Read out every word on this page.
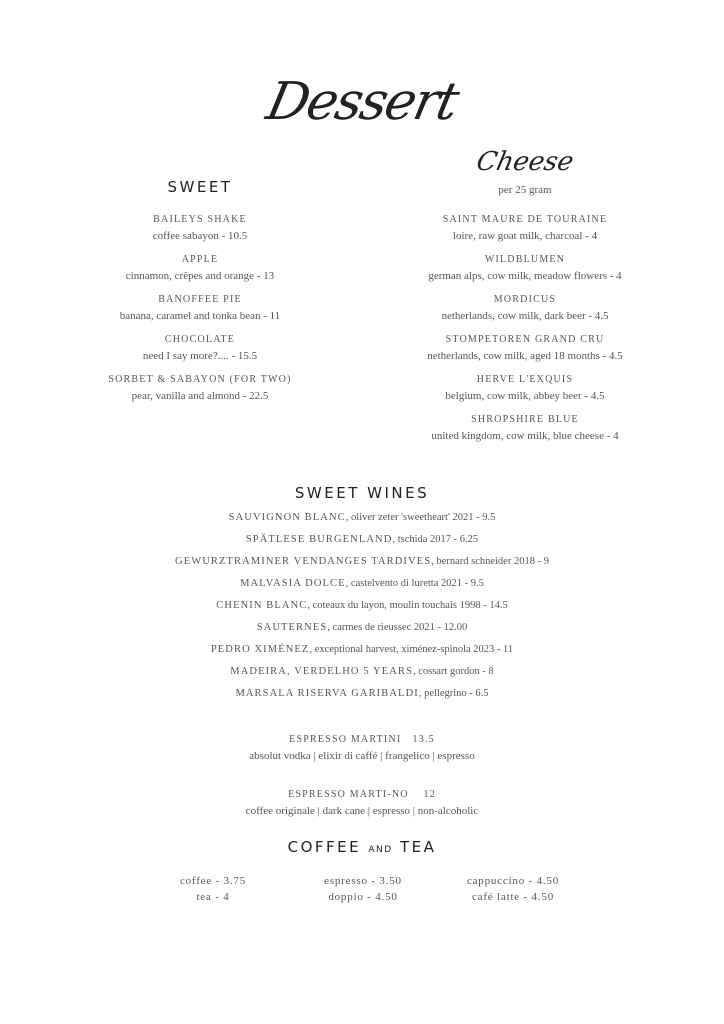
Dessert
SWEET
BAILEYS SHAKE
coffee sabayon - 10.5
APPLE
cinnamon, crêpes and orange - 13
BANOFFEE PIE
banana, caramel and tonka bean - 11
CHOCOLATE
need I say more?.... - 15.5
SORBET & SABAYON (FOR TWO)
pear, vanilla and almond - 22.5
Cheese
per 25 gram
SAINT MAURE DE TOURAINE
loire, raw goat milk, charcoal - 4
WILDBLUMEN
german alps, cow milk, meadow flowers - 4
MORDICUS
netherlands, cow milk, dark beer - 4.5
STOMPETOREN GRAND CRU
netherlands, cow milk, aged 18 months - 4.5
HERVE L'EXQUIS
belgium, cow milk, abbey beer - 4.5
SHROPSHIRE BLUE
united kingdom, cow milk, blue cheese - 4
SWEET WINES
SAUVIGNON BLANC, oliver zeter 'sweetheart' 2021 - 9.5
SPÄTLESE BURGENLAND, tschida 2017 - 6.25
GEWURZTRAMINER VENDANGES TARDIVES, bernard schneider 2018 - 9
MALVASIA DOLCE, castelvento di luretta 2021 - 9.5
CHENIN BLANC, coteaux du layon, moulin touchais 1998 - 14.5
SAUTERNES, carmes de rieussec 2021 - 12.00
PEDRO XIMÉNEZ, exceptional harvest, ximénez-spinola 2023 - 11
MADEIRA, VERDELHO 5 YEARS, cossart gordon - 8
MARSALA RISERVA GARIBALDI, pellegrino - 6.5
ESPRESSO MARTINI   13.5
absolut vodka | elixir di caffé | frangelico | espresso
ESPRESSO MARTI-NO    12
coffee originale | dark cane | espresso | non-alcoholic
COFFEE AND TEA
coffee - 3.75	espresso - 3.50	cappuccino - 4.50
tea - 4	doppio - 4.50	café latte - 4.50
